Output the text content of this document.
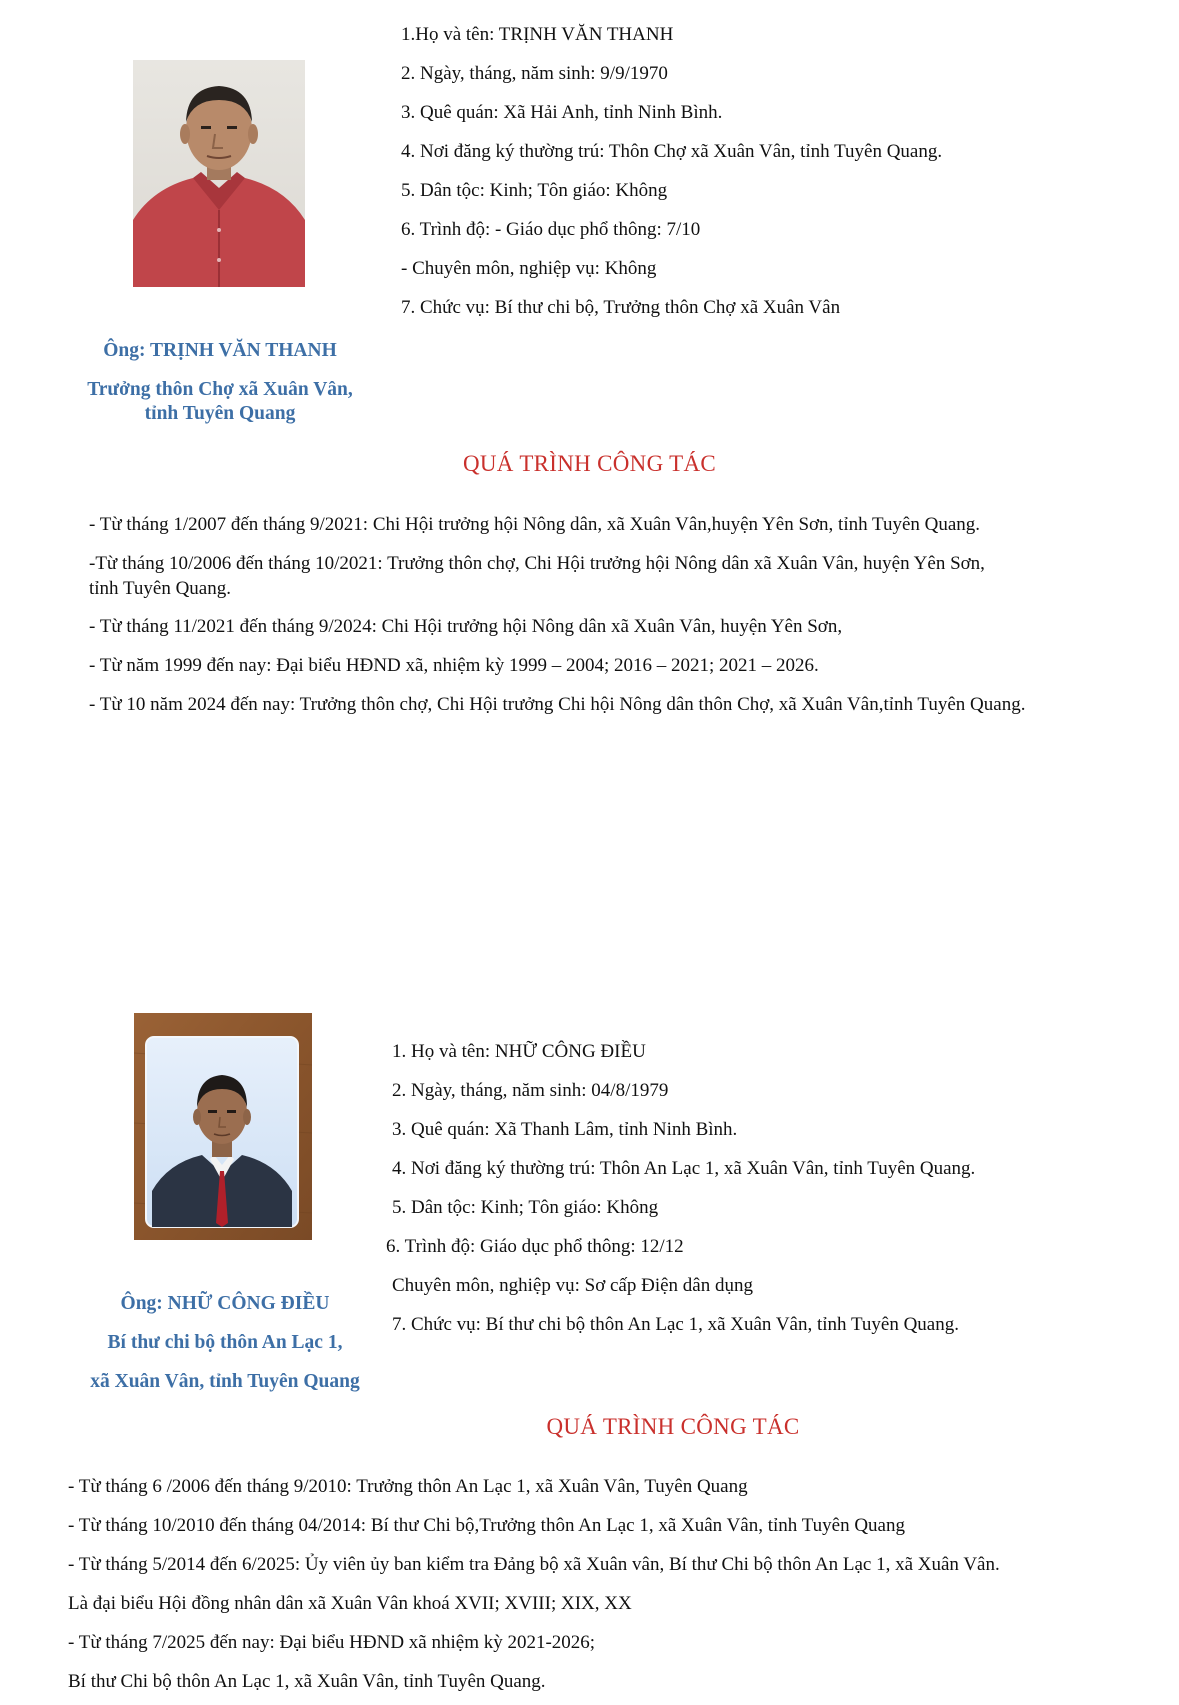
1.Họ và tên: TRỊNH VĂN THANH
2. Ngày, tháng, năm sinh: 9/9/1970
3. Quê quán: Xã Hải Anh, tỉnh Ninh Bình.
4. Nơi đăng ký thường trú: Thôn Chợ xã Xuân Vân, tỉnh Tuyên Quang.
5. Dân tộc: Kinh; Tôn giáo: Không
6. Trình độ: - Giáo dục phổ thông: 7/10
- Chuyên môn, nghiệp vụ: Không
7. Chức vụ: Bí thư chi bộ, Trưởng thôn Chợ xã Xuân Vân
Ông: TRỊNH VĂN THANH
Trưởng thôn Chợ xã Xuân Vân,
tỉnh Tuyên Quang
QUÁ TRÌNH CÔNG TÁC
- Từ tháng 1/2007 đến tháng 9/2021: Chi Hội trưởng hội Nông dân, xã Xuân Vân,huyện Yên Sơn, tỉnh Tuyên Quang.
-Từ tháng 10/2006 đến tháng 10/2021: Trưởng thôn chợ, Chi Hội trưởng hội Nông dân xã Xuân Vân, huyện Yên Sơn,
tỉnh Tuyên Quang.
- Từ tháng 11/2021 đến tháng 9/2024: Chi Hội trưởng hội Nông dân xã Xuân Vân, huyện Yên Sơn,
- Từ năm 1999 đến nay: Đại biểu HĐND xã, nhiệm kỳ 1999 – 2004; 2016 – 2021; 2021 – 2026.
- Từ 10 năm 2024 đến nay: Trưởng thôn chợ, Chi Hội trưởng Chi hội Nông dân thôn Chợ, xã Xuân Vân,tỉnh Tuyên Quang.
1. Họ và tên: NHỮ CÔNG ĐIỀU
2. Ngày, tháng, năm sinh: 04/8/1979
3. Quê quán: Xã Thanh Lâm, tỉnh Ninh Bình.
4. Nơi đăng ký thường trú: Thôn An Lạc 1, xã Xuân Vân, tỉnh Tuyên Quang.
5. Dân tộc: Kinh; Tôn giáo: Không
6. Trình độ: Giáo dục phổ thông: 12/12
Chuyên môn, nghiệp vụ: Sơ cấp Điện dân dụng
7. Chức vụ: Bí thư chi bộ thôn An Lạc 1, xã Xuân Vân, tỉnh Tuyên Quang.
Ông: NHỮ CÔNG ĐIỀU
Bí thư chi bộ thôn An Lạc 1,
xã Xuân Vân, tỉnh Tuyên Quang
QUÁ TRÌNH CÔNG TÁC
- Từ tháng 6 /2006 đến tháng 9/2010: Trưởng thôn An Lạc 1, xã Xuân Vân, Tuyên Quang
- Từ tháng 10/2010 đến tháng 04/2014: Bí thư Chi bộ,Trưởng thôn An Lạc 1, xã Xuân Vân, tỉnh Tuyên Quang
- Từ tháng 5/2014 đến 6/2025: Ủy viên ủy ban kiểm tra Đảng bộ xã Xuân vân, Bí thư Chi bộ thôn An Lạc 1, xã Xuân Vân.
Là đại biểu Hội đồng nhân dân xã Xuân Vân khoá XVII; XVIII; XIX, XX
- Từ tháng 7/2025 đến nay: Đại biểu HĐND xã nhiệm kỳ 2021-2026;
Bí thư Chi bộ thôn An Lạc 1, xã Xuân Vân, tỉnh Tuyên Quang.
